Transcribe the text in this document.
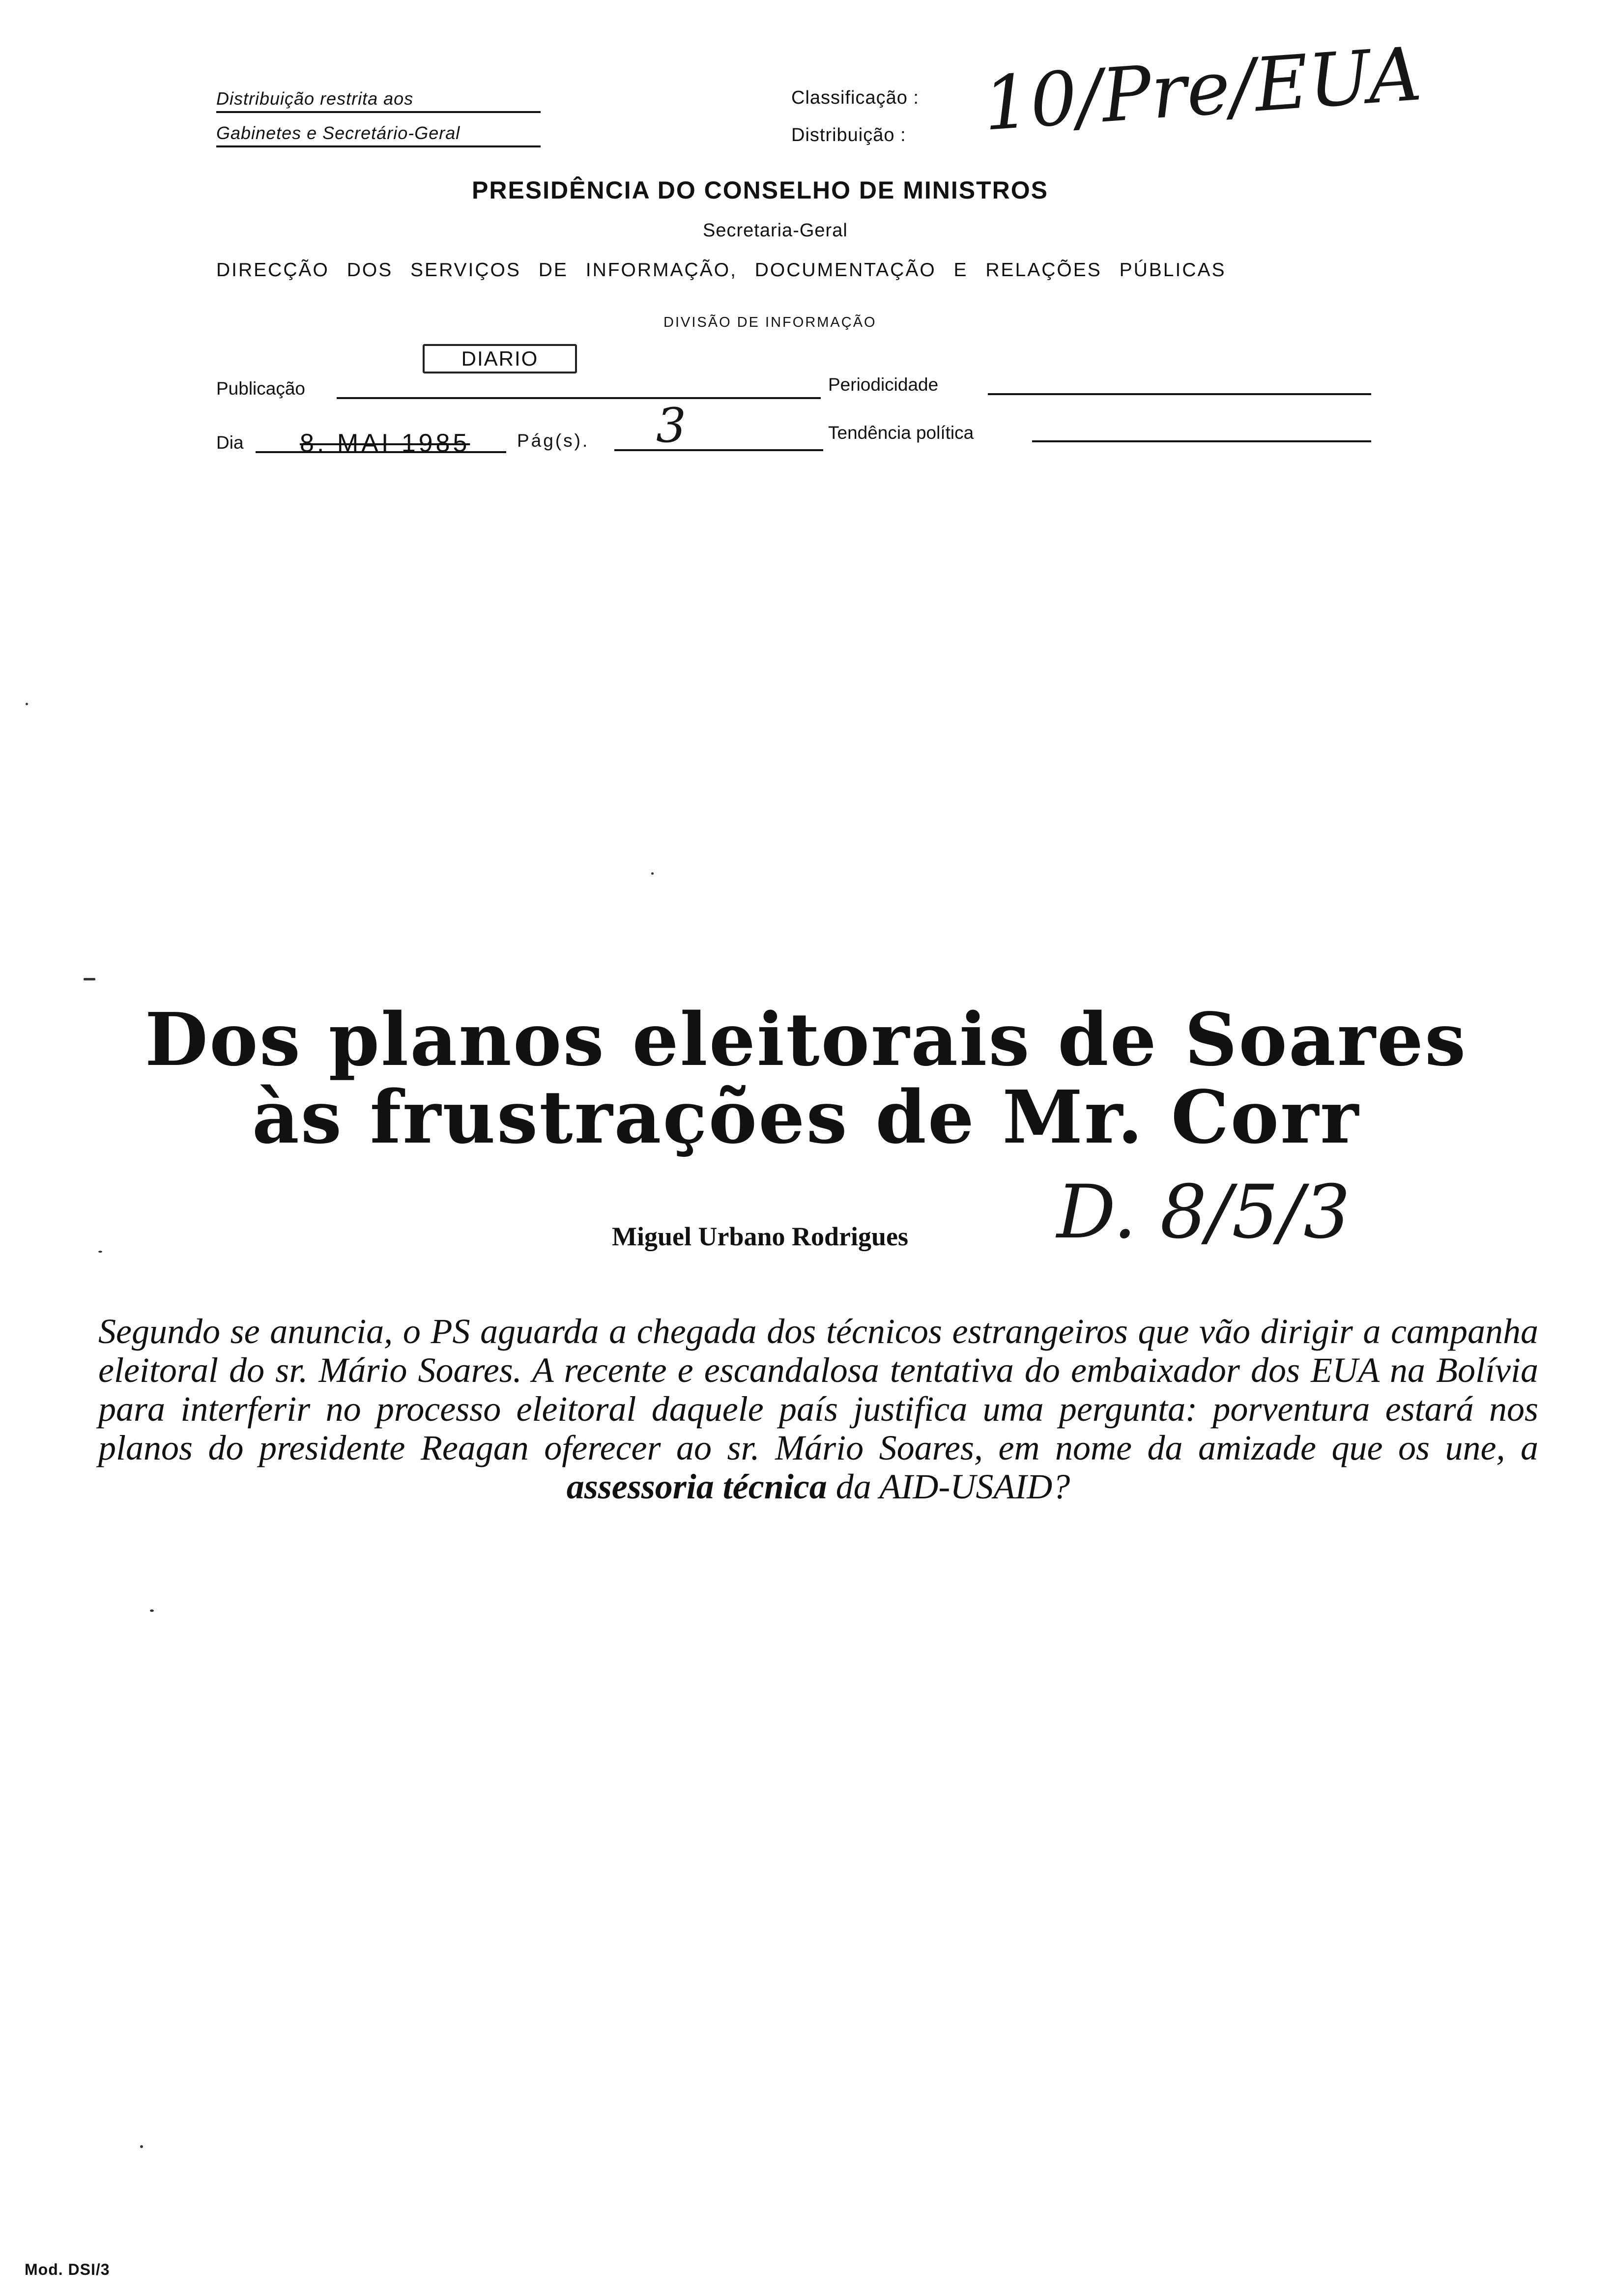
Distribuição restrita aos
Gabinetes e Secretário-Geral
Classificação :
Distribuição : 10/Pre/EUA
PRESIDÊNCIA DO CONSELHO DE MINISTROS
Secretaria-Geral
DIRECÇÃO DOS SERVIÇOS DE INFORMAÇÃO, DOCUMENTAÇÃO E RELAÇÕES PÚBLICAS
DIVISÃO DE INFORMAÇÃO
Publicação
DIARIO
Periodicidade
Dia 8. MAI 1985	Pág(s). 3	Tendência política
Dos planos eleitorais de Soares
às frustrações de Mr. Corr
Miguel Urbano Rodrigues D. 8/5/3
Segundo se anuncia, o PS aguarda a chegada dos técnicos estrangeiros que vão dirigir a campanha eleitoral do sr. Mário Soares. A recente e escandalosa tentativa do embaixador dos EUA na Bolívia para interferir no processo eleitoral daquele país justifica uma pergunta: porventura estará nos planos do presidente Reagan oferecer ao sr. Mário Soares, em nome da amizade que os une, a assessoria técnica da AID-USAID?
Mod. DSI/3
